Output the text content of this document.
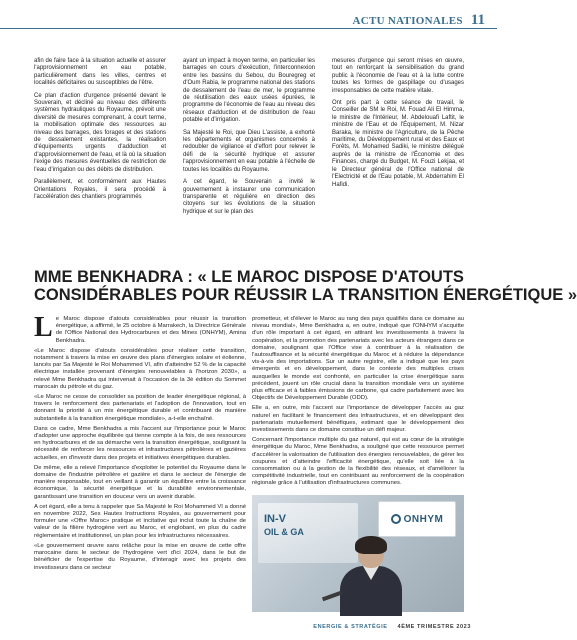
ACTU NATIONALES 11

afin de faire face à la situation actuelle et assurer l'approvisionnement en eau potable, particulièrement dans les villes, centres et localités déficitaires ou susceptibles de l'être.

Ce plan d'action d'urgence présenté devant le Souverain, et décliné au niveau des différents systèmes hydrauliques du Royaume, prévoit une diversité de mesures comprenant, à court terme, la mobilisation optimale des ressources au niveau des barrages, des forages et des stations de dessalement existantes, la réalisation d'équipements urgents d'adduction et d'approvisionnement de l'eau, et là où la situation l'exige des mesures éventuelles de restriction de l'eau d'irrigation ou des débits de distribution.

Parallèlement, et conformément aux Hautes Orientations Royales, il sera procédé à l'accélération des chantiers programmés

ayant un impact à moyen terme, en particulier les barrages en cours d'exécution, l'interconnexion entre les bassins du Sebou, du Bouregreg et d'Oum Rabia, le programme national des stations de dessalement de l'eau de mer, le programme de réutilisation des eaux usées épurées, le programme de l'économie de l'eau au niveau des réseaux d'adduction et de distribution de l'eau potable et d'irrigation.

Sa Majesté le Roi, que Dieu L'assiste, a exhorté les départements et organismes concernés à redoubler de vigilance et d'effort pour relever le défi de la sécurité hydrique et assurer l'approvisionnement en eau potable à l'échelle de toutes les localités du Royaume.

A cet égard, le Souverain a invité le gouvernement à instaurer une communication transparente et régulière en direction des citoyens sur les évolutions de la situation hydrique et sur le plan des

mesures d'urgence qui seront mises en œuvre, tout en renforçant la sensibilisation du grand public à l'économie de l'eau et à la lutte contre toutes les formes de gaspillage ou d'usages irresponsables de cette matière vitale.

Ont pris part à cette séance de travail, le Conseiller de SM le Roi, M. Fouad Ali El Himma, le ministre de l'Intérieur, M. Abdelouafi Laftit, le ministre de l'Eau et de l'Équipement, M. Nizar Baraka, le ministre de l'Agriculture, de la Pêche maritime, du Développement rural et des Eaux et Forêts, M. Mohamed Sadiki, le ministre délégué auprès de la ministre de l'Économie et des Finances, chargé du Budget, M. Fouzi Lekjaa, et le Directeur général de l'Office national de l'Electricité et de l'Eau potable, M. Abderrahim El Hafidi.

MME BENKHADRA : « LE MAROC DISPOSE D'ATOUTS
CONSIDÉRABLES POUR RÉUSSIR LA TRANSITION ÉNERGÉTIQUE »

Le Maroc dispose d'atouts considérables pour réussir la transition énergétique, a affirmé, le 25 octobre à Marrakech, la Directrice Générale de l'Office National des Hydrocarbures et des Mines (ONHYM), Amina Benkhadra.

«Le Maroc dispose d'atouts considérables pour réaliser cette transition, notamment à travers la mise en œuvre des plans d'énergies solaire et éolienne, lancés par Sa Majesté le Roi Mohammed VI, afin d'atteindre 52 % de la capacité électrique installée provenant d'énergies renouvelables à l'horizon 2030», a relevé Mme Benkhadra qui intervenait à l'occasion de la 3è édition du Sommet marocain du pétrole et du gaz.

«Le Maroc ne cesse de consolider sa position de leader énergétique régional, à travers le renforcement des partenariats et l'adoption de l'innovation, tout en donnant la priorité à un mix énergétique durable et contribuant de manière substantielle à la transition énergétique mondiale», a-t-elle enchaîné.

Dans ce cadre, Mme Benkhadra a mis l'accent sur l'importance pour le Maroc d'adopter une approche équilibrée qui tienne compte à la fois, de ses ressources en hydrocarbures et de sa démarche vers la transition énergétique, soulignant la nécessité de renforcer les ressources et infrastructures pétrolières et gazières actuelles, en d'investir dans des projets et initiatives énergétiques durables.

De même, elle a relevé l'importance d'exploiter le potentiel du Royaume dans le domaine de l'industrie pétrolière et gazière et dans le secteur de l'énergie de manière responsable, tout en veillant à garantir un équilibre entre la croissance économique, la sécurité énergétique et la durabilité environnementale, garantissant une transition en douceur vers un avenir durable.

A cet égard, elle a tenu à rappeler que Sa Majesté le Roi Mohammed VI a donné en novembre 2022, Ses Hautes Instructions Royales, au gouvernement pour formuler une «Offre Maroc» pratique et incitative qui inclut toute la chaîne de valeur de la filière hydrogène vert au Maroc, et englobant, en plus du cadre réglementaire et institutionnel, un plan pour les infrastructures nécessaires.

«Le gouvernement œuvre sans relâche pour la mise en œuvre de cette offre marocaine dans le secteur de l'hydrogène vert d'ici 2024, dans le but de bénéficier de l'expertise du Royaume, d'interagir avec les projets des investisseurs dans ce secteur

prometteur, et d'élever le Maroc au rang des pays qualifiés dans ce domaine au niveau mondial», Mme Benkhadra a, en outre, indiqué que l'ONHYM s'acquitte d'un rôle important à cet égard, en attirant les investissements à travers la coopération, et la promotion des partenariats avec les acteurs étrangers dans ce domaine, soulignant que l'Office vise à contribuer à la réalisation de l'autosuffisance et la sécurité énergétique du Maroc et à réduire la dépendance vis-à-vis des importations. Sur un autre registre, elle a indiqué que les pays émergents et en développement, dans le contexte des multiples crises auxquelles le monde est confronté, en particulier la crise énergétique sans précédent, jouent un rôle crucial dans la transition mondiale vers un système plus efficace et à faibles émissions de carbone, qui cadre parfaitement avec les Objectifs de Développement Durable (ODD).

Elle a, en outre, mis l'accent sur l'importance de développer l'accès au gaz naturel en facilitant le financement des infrastructures, et en développant des partenariats mutuellement bénéfiques, estimant que le développement des investissements dans ce domaine constitue un défi majeur.

Concernant l'importance multiple du gaz naturel, qui est au cœur de la stratégie énergétique du Maroc, Mme Benkhadra, a souligné que cette ressource permet d'accélérer la valorisation de l'utilisation des énergies renouvelables, de gérer les coupures et d'atteindre l'efficacité énergétique, qu'elle soit liée à la consommation ou à la gestion de la flexibilité des réseaux, et d'améliorer la compétitivité industrielle, tout en contribuant au renforcement de la coopération régionale grâce à l'utilisation d'infrastructures communes.

IN-V
OIL & GA
ONHYM
ENERGIE & STRATÉGIE 4ÈME TRIMESTRE 2023
